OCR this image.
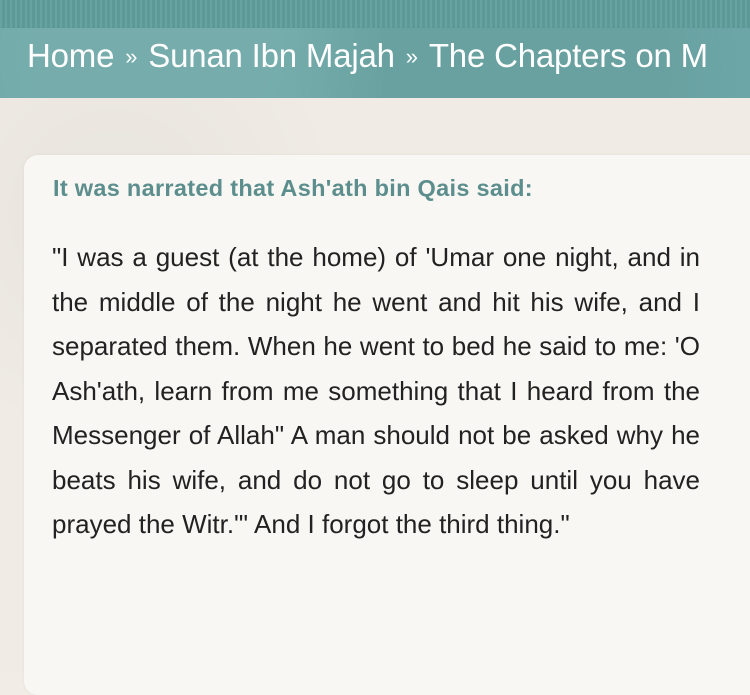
Home » Sunan Ibn Majah » The Chapters on M
It was narrated that Ash'ath bin Qais said:

"I was a guest (at the home) of 'Umar one night, and in the middle of the night he went and hit his wife, and I separated them. When he went to bed he said to me: 'O Ash'ath, learn from me something that I heard from the Messenger of Allah" A man should not be asked why he beats his wife, and do not go to sleep until you have prayed the Witr."' And I forgot the third thing."
